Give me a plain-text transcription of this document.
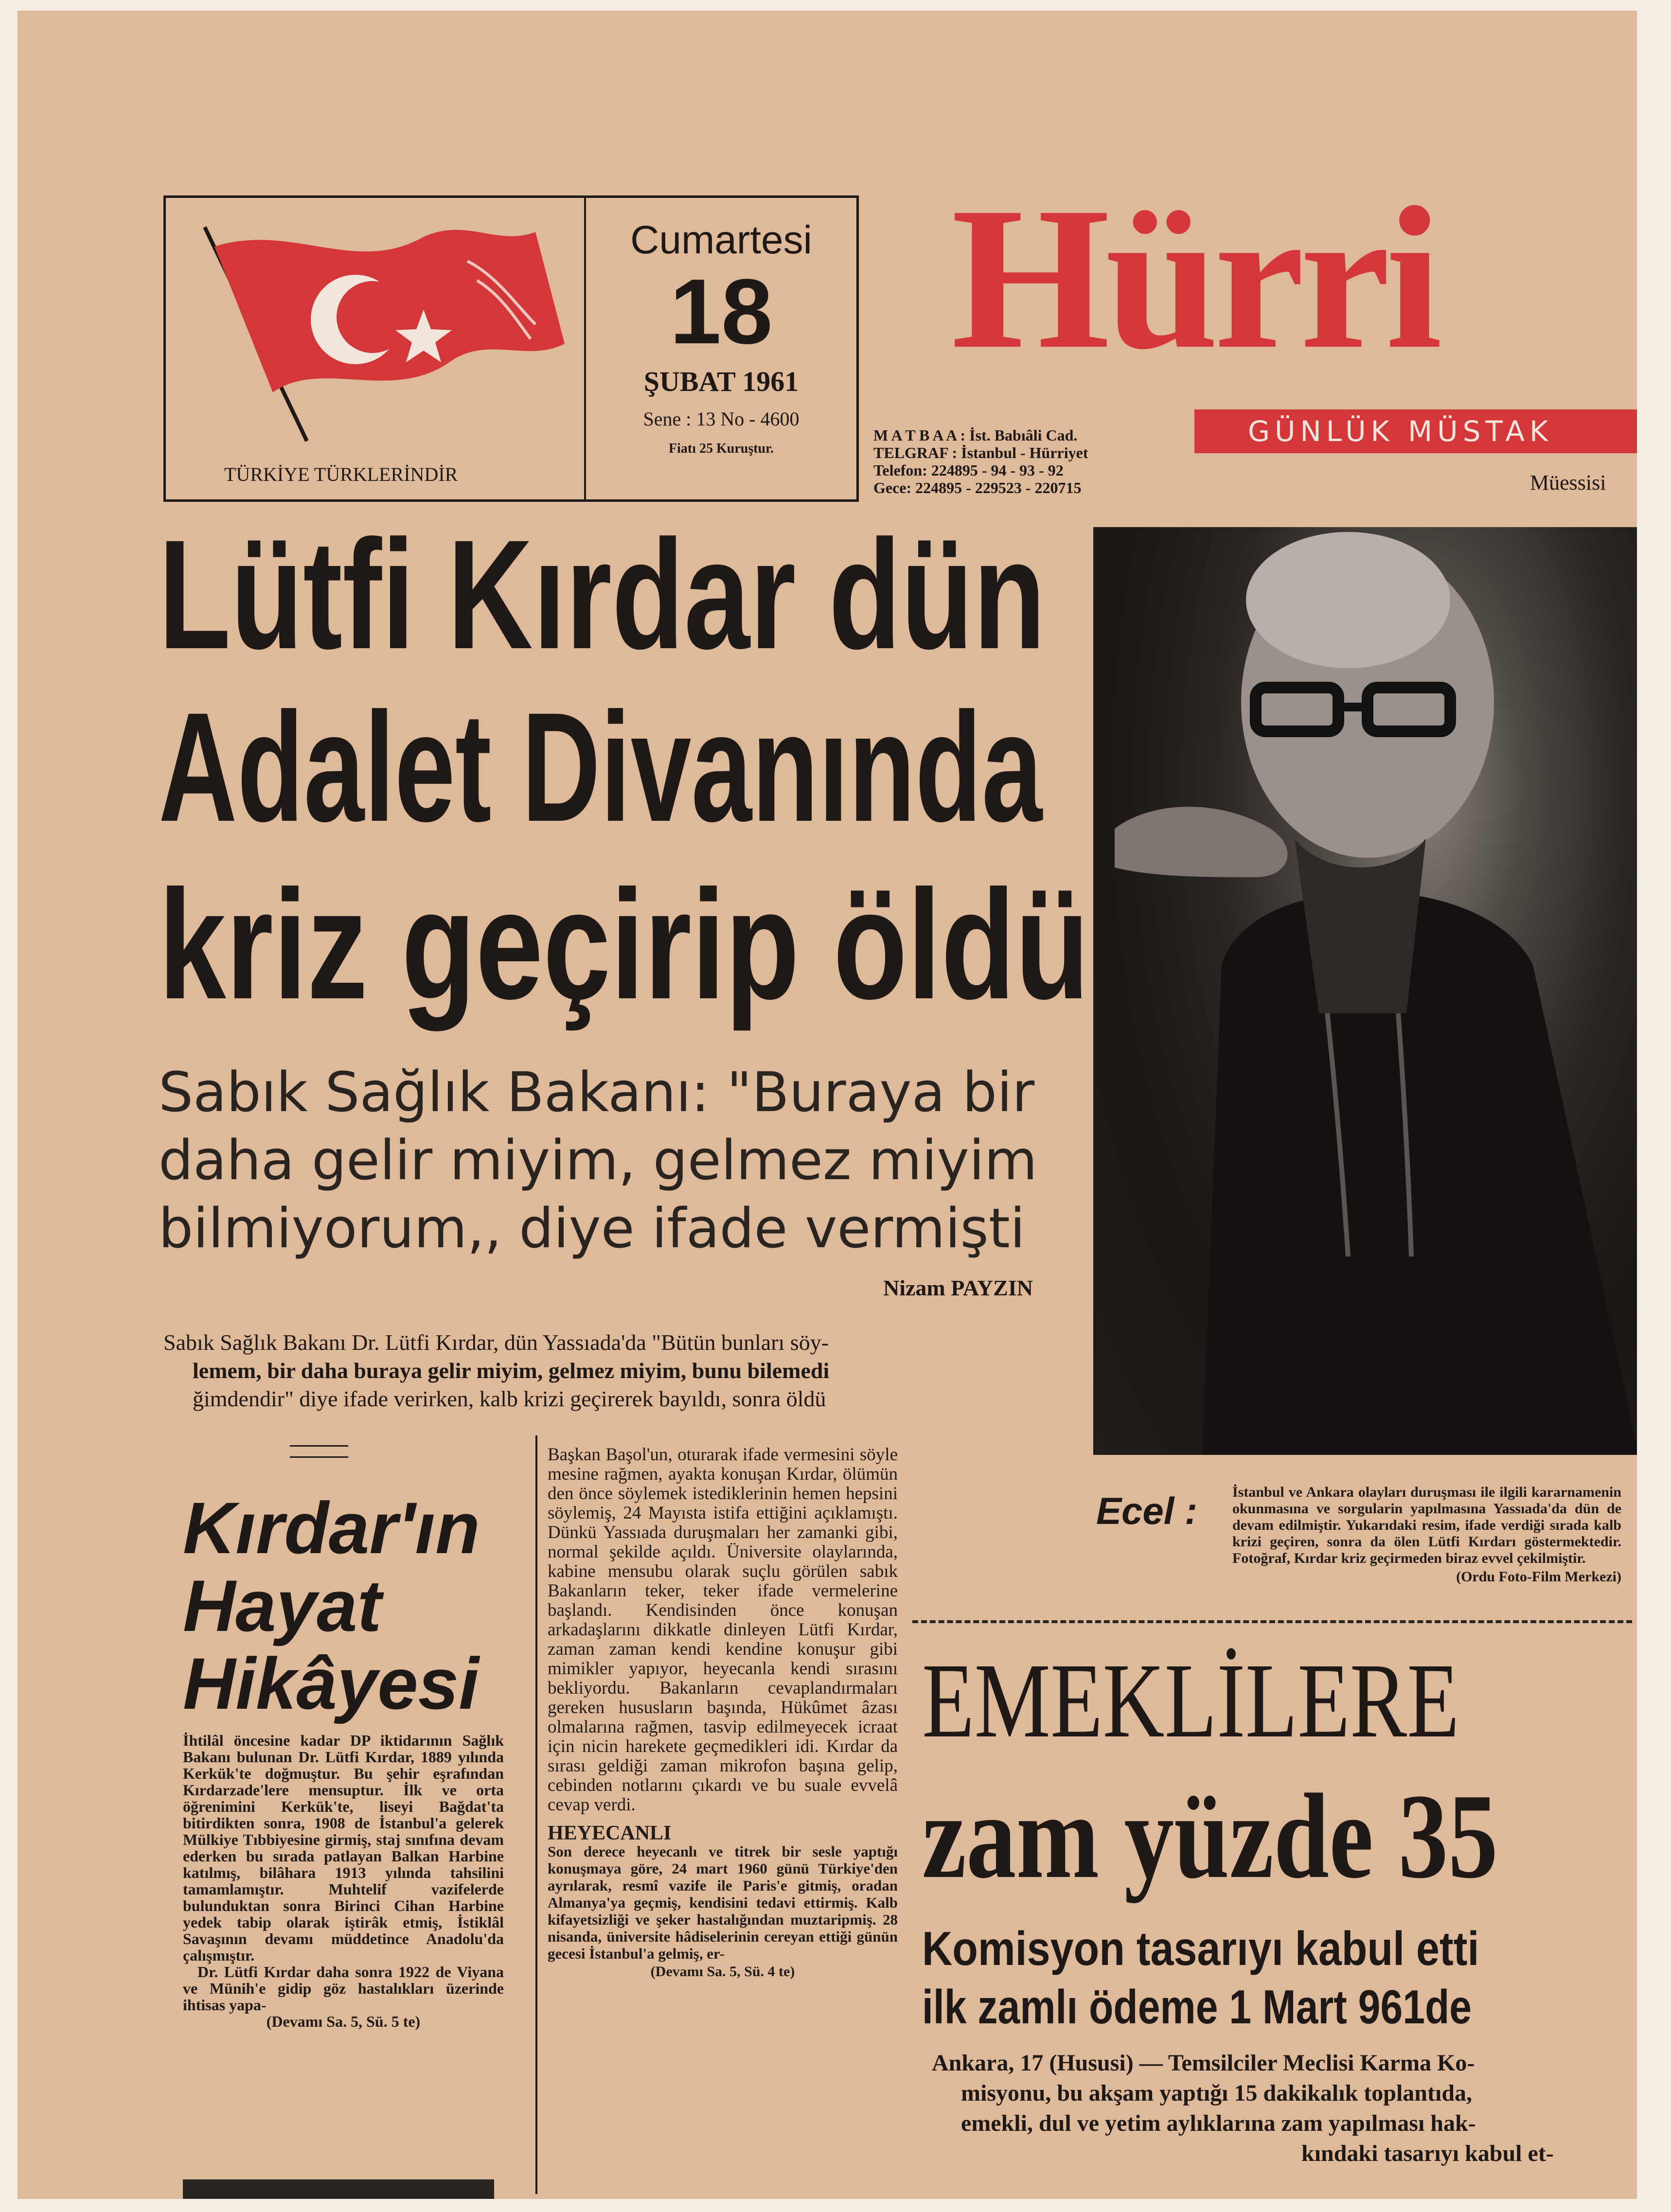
TÜRKİYE TÜRKLERİNDİR
Cumartesi
18
ŞUBAT 1961
Sene : 13 No - 4600
Fiatı 25 Kuruştur.
Hürri
GÜNLÜK MÜSTAK
M A T B A A : İst. Babıâli Cad.
TELGRAF : İstanbul - Hürriyet
Telefon: 224895 - 94 - 93 - 92
Gece: 224895 - 229523 - 220715	Müessisi
Lütfi Kırdar dün
Adalet Divanında
kriz geçirip öldü
Sabık Sağlık Bakanı: "Buraya bir
daha gelir miyim, gelmez miyim
bilmiyorum,, diye ifade vermişti
Nizam PAYZIN
Sabık Sağlık Bakanı Dr. Lütfi Kırdar, dün Yassıada'da "Bütün bunları söy-
lemem, bir daha buraya gelir miyim, gelmez miyim, bunu bilemedi
ğimdendir" diye ifade verirken, kalb krizi geçirerek bayıldı, sonra öldü
Ecel : İstanbul ve Ankara olayları duruşması ile ilgili kararnamenin okunmasına ve sorgularin yapılmasına Yassıada'da dün de devam edilmiştir. Yukarıdaki resim, ifade verdiği sırada kalb krizi geçiren, sonra da ölen Lütfi Kırdarı göstermektedir. Fotoğraf, Kırdar kriz geçirmeden biraz evvel çekilmiştir.
(Ordu Foto-Film Merkezi)
Kırdar'ın
Hayat
Hikâyesi
İhtilâl öncesine kadar DP iktidarının Sağlık Bakanı bulunan Dr. Lütfi Kırdar, 1889 yılında Kerkük'te doğmuştur. Bu şehir eşrafından Kırdarzade'lere mensuptur. İlk ve orta öğrenimini Kerkük'te, liseyi Bağdat'ta bitirdikten sonra, 1908 de İstanbul'a gelerek Mülkiye Tıbbiyesine girmiş, staj sınıfına devam ederken bu sırada patlayan Balkan Harbine katılmış, bilâhara 1913 yılında tahsilini tamamlamıştır. Muhtelif vazifelerde bulunduktan sonra Birinci Cihan Harbine yedek tabip olarak iştirâk etmiş, İstiklâl Savaşının devamı müddetince Anadolu'da çalışmıştır.
Dr. Lütfi Kırdar daha sonra 1922 de Viyana ve Münih'e gidip göz hastalıkları üzerinde ihtisas yapa-
(Devamı Sa. 5, Sü. 5 te)
Başkan Başol'un, oturarak ifade vermesini söyle mesine rağmen, ayakta konuşan Kırdar, ölümün den önce söylemek istediklerinin hemen hepsini söylemiş, 24 Mayısta istifa ettiğini açıklamıştı. Dünkü Yassıada duruşmaları her zamanki gibi, normal şekilde açıldı. Üniversite olaylarında, kabine mensubu olarak suçlu görülen sabık Bakanların teker, teker ifade vermelerine başlandı. Kendisinden önce konuşan arkadaşlarını dikkatle dinleyen Lütfi Kırdar, zaman zaman kendi kendine konuşur gibi mimikler yapıyor, heyecanla kendi sırasını bekliyordu. Bakanların cevaplandırmaları gereken hususların başında, Hükûmet âzası olmalarına rağmen, tasvip edilmeyecek icraat için nicin harekete geçmedikleri idi. Kırdar da sırası geldiği zaman mikrofon başına gelip, cebinden notlarını çıkardı ve bu suale evvelâ cevap verdi.
HEYECANLI
Son derece heyecanlı ve titrek bir sesle yaptığı konuşmaya göre, 24 mart 1960 günü Türkiye'den ayrılarak, resmî vazife ile Paris'e gitmiş, oradan Almanya'ya geçmiş, kendisini tedavi ettirmiş. Kalb kifayetsizliği ve şeker hastalığından muztaripmiş. 28 nisanda, üniversite hâdiselerinin cereyan ettiği günün gecesi İstanbul'a gelmiş, er-
(Devamı Sa. 5, Sü. 4 te)
EMEKLİLERE
zam yüzde 35
Komisyon tasarıyı kabul etti
ilk zamlı ödeme 1 Mart 961de
Ankara, 17 (Hususi) — Temsilciler Meclisi Karma Ko-
misyonu, bu akşam yaptığı 15 dakikalık toplantıda,
emekli, dul ve yetim aylıklarına zam yapılması hak-
kındaki tasarıyı kabul et-
